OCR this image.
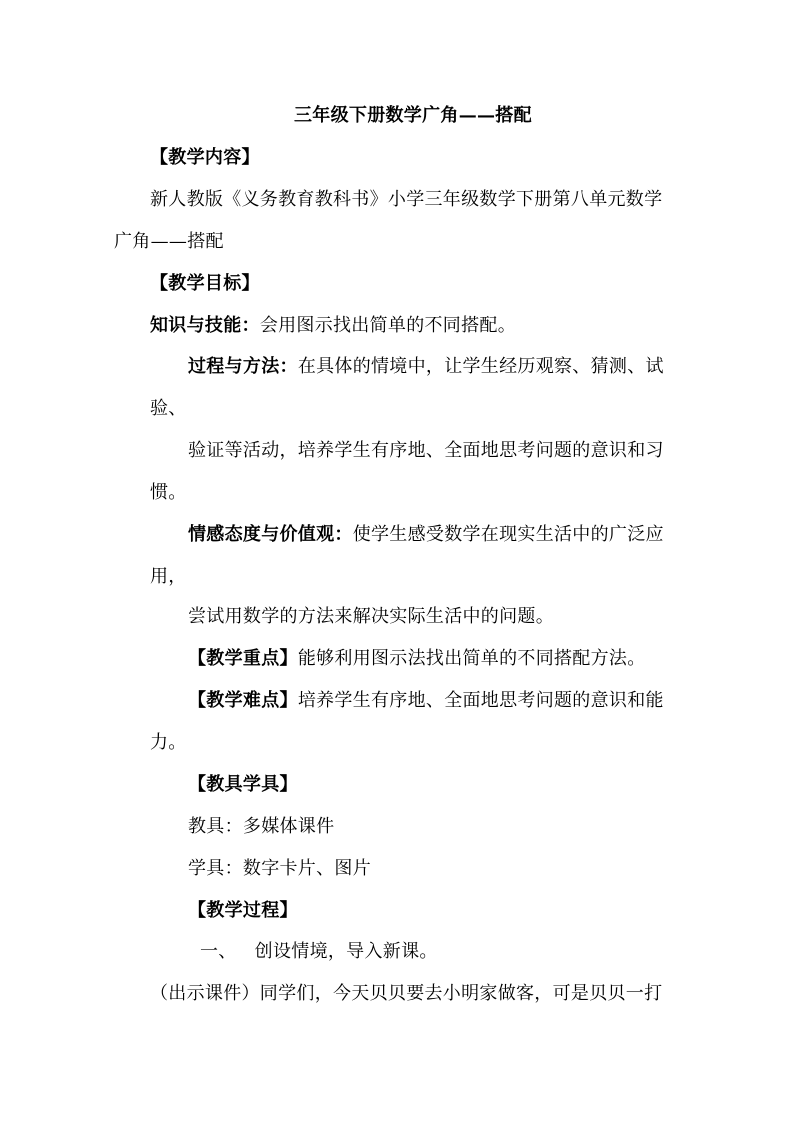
三年级下册数学广角——搭配
【教学内容】
新人教版《义务教育教科书》小学三年级数学下册第八单元数学
广角——搭配
【教学目标】
知识与技能：会用图示找出简单的不同搭配。
过程与方法：在具体的情境中，让学生经历观察、猜测、试
验、
验证等活动，培养学生有序地、全面地思考问题的意识和习
惯。
情感态度与价值观：使学生感受数学在现实生活中的广泛应
用，
尝试用数学的方法来解决实际生活中的问题。
【教学重点】能够利用图示法找出简单的不同搭配方法。
【教学难点】培养学生有序地、全面地思考问题的意识和能
力。
【教具学具】
教具：多媒体课件
学具：数字卡片、图片
【教学过程】
一、   创设情境，导入新课。
（出示课件）同学们，今天贝贝要去小明家做客，可是贝贝一打
